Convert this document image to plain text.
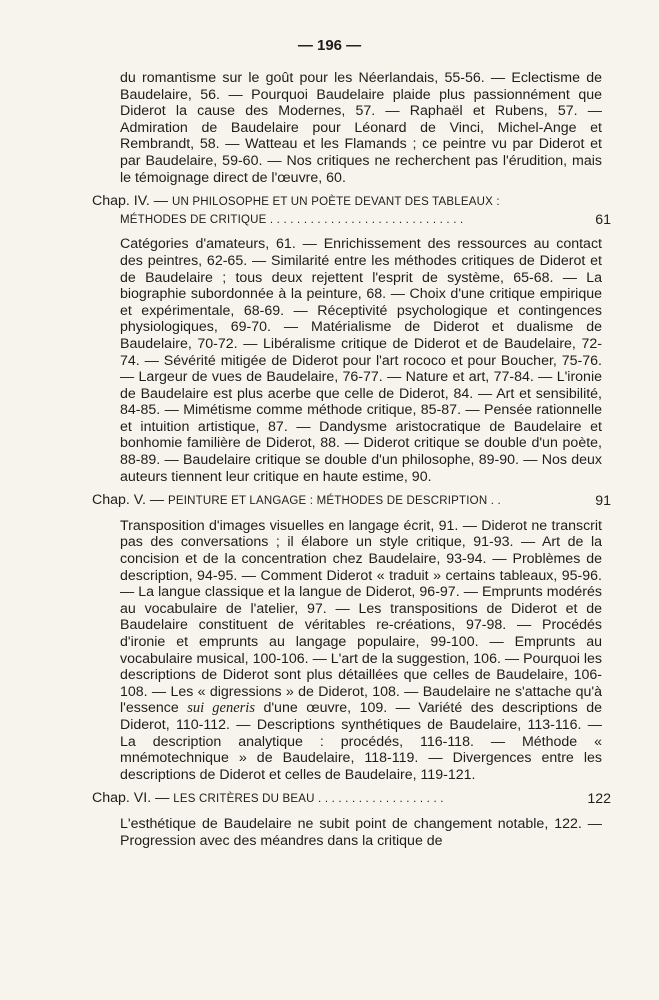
— 196 —
du romantisme sur le goût pour les Néerlandais, 55-56. — Eclectisme de Baudelaire, 56. — Pourquoi Baudelaire plaide plus passionnément que Diderot la cause des Modernes, 57. — Raphaël et Rubens, 57. — Admiration de Baudelaire pour Léonard de Vinci, Michel-Ange et Rembrandt, 58. — Watteau et les Flamands ; ce peintre vu par Diderot et par Baudelaire, 59-60. — Nos critiques ne recherchent pas l'érudition, mais le témoignage direct de l'œuvre, 60.
Chap. IV. — UN PHILOSOPHE ET UN POÈTE DEVANT DES TABLEAUX :
MÉTHODES DE CRITIQUE . . . . . . . . . . . . . . . . . . . . . . . . . . . . .	61
Catégories d'amateurs, 61. — Enrichissement des ressources au contact des peintres, 62-65. — Similarité entre les méthodes critiques de Diderot et de Baudelaire ; tous deux rejettent l'esprit de système, 65-68. — La biographie subordonnée à la peinture, 68. — Choix d'une critique empirique et expérimentale, 68-69. — Réceptivité psychologique et contingences physiologiques, 69-70. — Matérialisme de Diderot et dualisme de Baudelaire, 70-72. — Libéralisme critique de Diderot et de Baudelaire, 72-74. — Sévérité mitigée de Diderot pour l'art rococo et pour Boucher, 75-76. — Largeur de vues de Baudelaire, 76-77. — Nature et art, 77-84. — L'ironie de Baudelaire est plus acerbe que celle de Diderot, 84. — Art et sensibilité, 84-85. — Mimétisme comme méthode critique, 85-87. — Pensée rationnelle et intuition artistique, 87. — Dandysme aristocratique de Baudelaire et bonhomie familière de Diderot, 88. — Diderot critique se double d'un poète, 88-89. — Baudelaire critique se double d'un philosophe, 89-90. — Nos deux auteurs tiennent leur critique en haute estime, 90.
Chap. V. — PEINTURE ET LANGAGE : MÉTHODES DE DESCRIPTION . .	91
Transposition d'images visuelles en langage écrit, 91. — Diderot ne transcrit pas des conversations ; il élabore un style critique, 91-93. — Art de la concision et de la concentration chez Baudelaire, 93-94. — Problèmes de description, 94-95. — Comment Diderot « traduit » certains tableaux, 95-96. — La langue classique et la langue de Diderot, 96-97. — Emprunts modérés au vocabulaire de l'atelier, 97. — Les transpositions de Diderot et de Baudelaire constituent de véritables re-créations, 97-98. — Procédés d'ironie et emprunts au langage populaire, 99-100. — Emprunts au vocabulaire musical, 100-106. — L'art de la suggestion, 106. — Pourquoi les descriptions de Diderot sont plus détaillées que celles de Baudelaire, 106-108. — Les « digressions » de Diderot, 108. — Baudelaire ne s'attache qu'à l'essence sui generis d'une œuvre, 109. — Variété des descriptions de Diderot, 110-112. — Descriptions synthétiques de Baudelaire, 113-116. — La description analytique : procédés, 116-118. — Méthode « mnémotechnique » de Baudelaire, 118-119. — Divergences entre les descriptions de Diderot et celles de Baudelaire, 119-121.
Chap. VI. — LES CRITÈRES DU BEAU . . . . . . . . . . . . . . . . . . .	122
L'esthétique de Baudelaire ne subit point de changement notable, 122. — Progression avec des méandres dans la critique de
